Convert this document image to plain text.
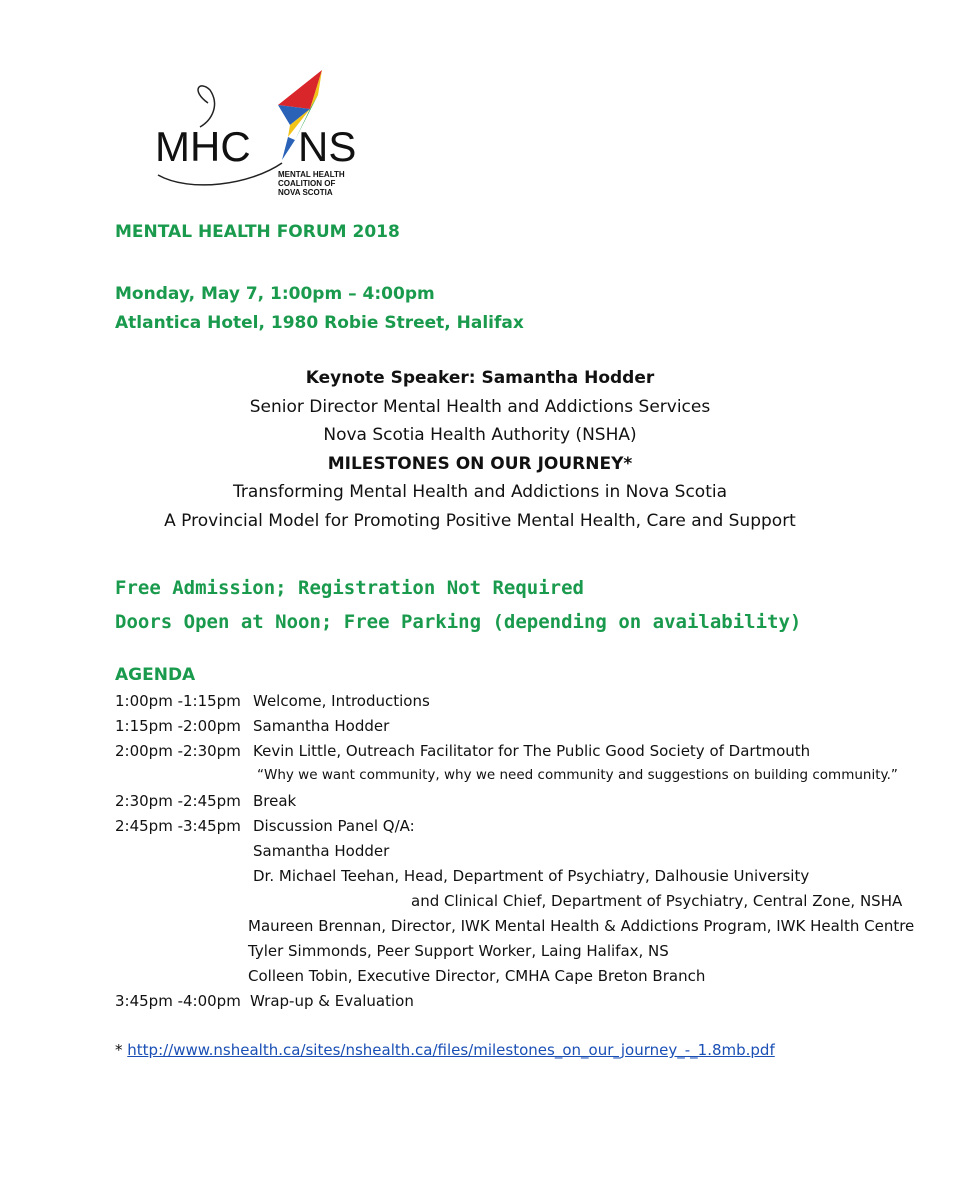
MHC NS
MENTAL HEALTH
COALITION OF
NOVA SCOTIA
MENTAL HEALTH FORUM 2018
Monday, May 7, 1:00pm – 4:00pm
Atlantica Hotel, 1980 Robie Street, Halifax
Keynote Speaker: Samantha Hodder
Senior Director Mental Health and Addictions Services
Nova Scotia Health Authority (NSHA)
MILESTONES ON OUR JOURNEY*
Transforming Mental Health and Addictions in Nova Scotia
A Provincial Model for Promoting Positive Mental Health, Care and Support
Free Admission; Registration Not Required
Doors Open at Noon; Free Parking (depending on availability)
AGENDA
1:00pm -1:15pm Welcome, Introductions
1:15pm -2:00pm Samantha Hodder
2:00pm -2:30pm Kevin Little, Outreach Facilitator for The Public Good Society of Dartmouth
“Why we want community, why we need community and suggestions on building community.”
2:30pm -2:45pm Break
2:45pm -3:45pm Discussion Panel Q/A:
Samantha Hodder
Dr. Michael Teehan, Head, Department of Psychiatry, Dalhousie University
and Clinical Chief, Department of Psychiatry, Central Zone, NSHA
Maureen Brennan, Director, IWK Mental Health & Addictions Program, IWK Health Centre
Tyler Simmonds, Peer Support Worker, Laing Halifax, NS
Colleen Tobin, Executive Director, CMHA Cape Breton Branch
3:45pm -4:00pm Wrap-up & Evaluation
* http://www.nshealth.ca/sites/nshealth.ca/files/milestones_on_our_journey_-_1.8mb.pdf
